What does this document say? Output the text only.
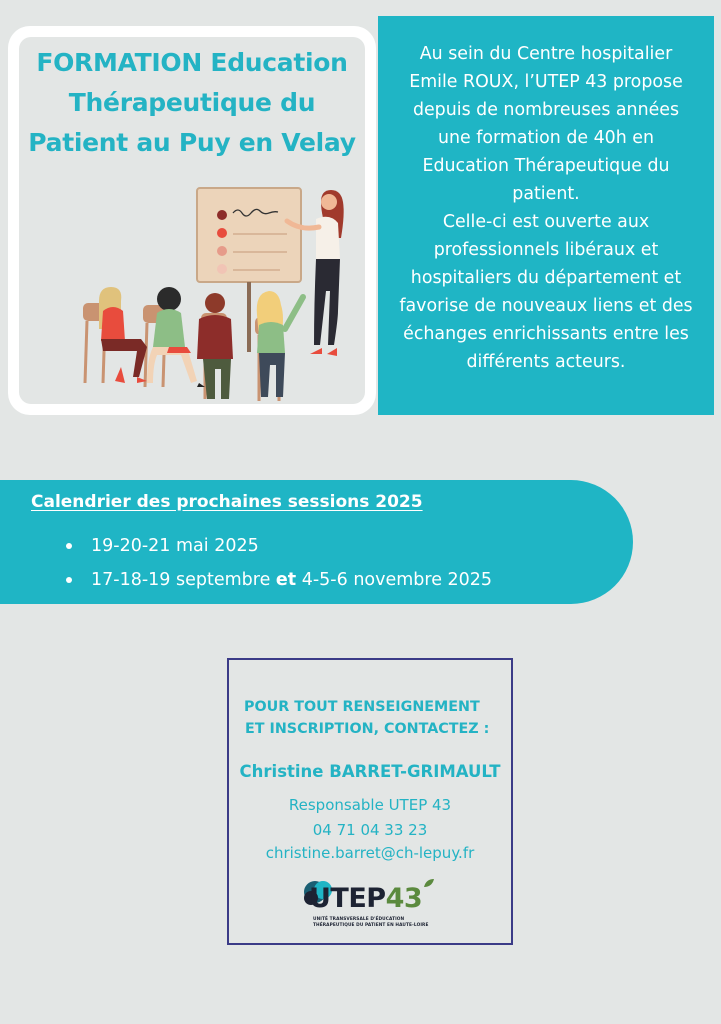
FORMATION Education
Thérapeutique du
Patient au Puy en Velay

Au sein du Centre hospitalier
Emile ROUX, l’UTEP 43 propose
depuis de nombreuses années
une formation de 40h en
Education Thérapeutique du
patient.
Celle-ci est ouverte aux
professionnels libéraux et
hospitaliers du département et
favorise de nouveaux liens et des
échanges enrichissants entre les
différents acteurs.

Calendrier des prochaines sessions 2025
19-20-21 mai 2025
17-18-19 septembre et 4-5-6 novembre 2025

POUR TOUT RENSEIGNEMENT
ET INSCRIPTION, CONTACTEZ :

Christine BARRET-GRIMAULT

Responsable UTEP 43
04 71 04 33 23
christine.barret@ch-lepuy.fr
UTEP43
UNITÉ TRANSVERSALE D'ÉDUCATION
THÉRAPEUTIQUE DU PATIENT EN HAUTE-LOIRE
